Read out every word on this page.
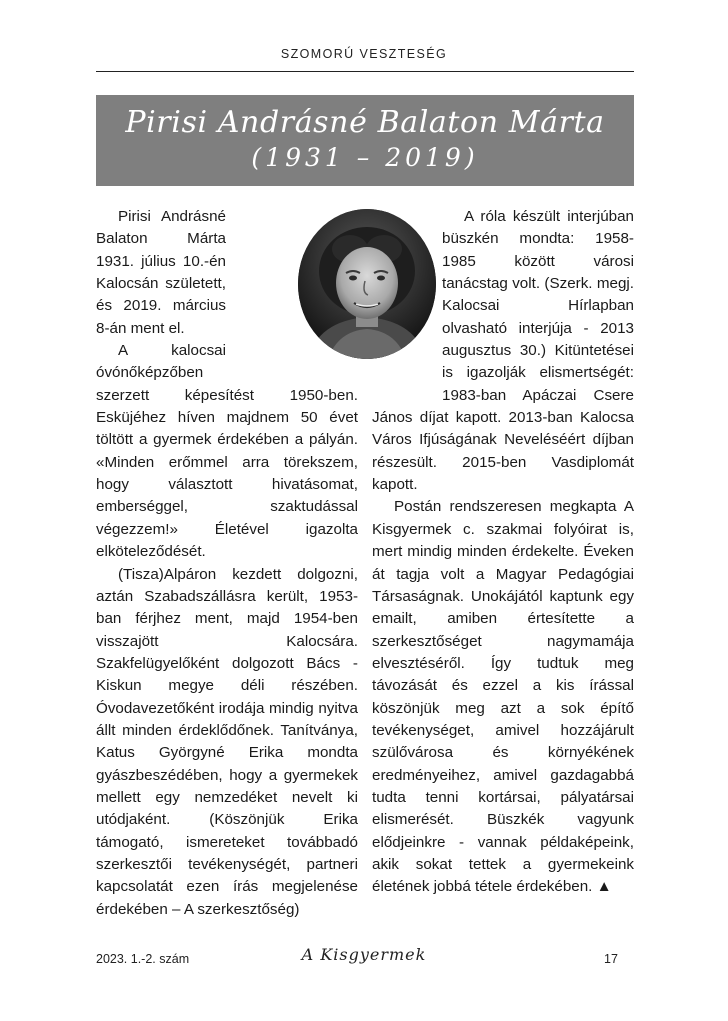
SZOMORÚ VESZTESÉG
Pirisi Andrásné Balaton Márta
(1931 – 2019)

Pirisi Andrásné Balaton Márta 1931. július 10.-én Kalocsán született, és 2019. március 8-án ment el.

A kalocsai óvónőképzőben szerzett képesítést 1950-ben. Esküjéhez híven majdnem 50 évet töltött a gyermek érdekében a pályán. «Minden erőmmel arra törekszem, hogy választott hivatásomat, emberséggel, szaktudással végezzem!» Életével igazolta elköteleződését.

(Tisza)Alpáron kezdett dolgozni, aztán Szabadszállásra került, 1953-ban férjhez ment, majd 1954-ben visszajött Kalocsára. Szakfelügyelőként dolgozott Bács - Kiskun megye déli részében. Óvodavezetőként irodája mindig nyitva állt minden érdeklődőnek. Tanítványa, Katus Györgyné Erika mondta gyászbeszédében, hogy a gyermekek mellett egy nemzedéket nevelt ki utódjaként. (Köszönjük Erika támogató, ismereteket továbbadó szerkesztői tevékenységét, partneri kapcsolatát ezen írás megjelenése érdekében – A szerkesztőség)

A róla készült interjúban büszkén mondta: 1958-1985 között városi tanácstag volt. (Szerk. megj. Kalocsai Hírlapban olvasható interjúja - 2013 augusztus 30.) Kitüntetései is igazolják elismertségét: 1983-ban Apáczai Csere János díjat kapott. 2013-ban Kalocsa Város Ifjúságának Neveléséért díjban részesült. 2015-ben Vasdiplomát kapott.

Postán rendszeresen megkapta A Kisgyermek c. szakmai folyóirat is, mert mindig minden érdekelte. Éveken át tagja volt a Magyar Pedagógiai Társaságnak. Unokájától kaptunk egy emailt, amiben értesítette a szerkesztőséget nagymamája elvesztéséről. Így tudtuk meg távozását és ezzel a kis írással köszönjük meg azt a sok építő tevékenységet, amivel hozzájárult szülővárosa és környékének eredményeihez, amivel gazdagabbá tudta tenni kortársai, pályatársai elismerését. Büszkék vagyunk elődjeinkre - vannak példaképeink, akik sokat tettek a gyermekeink életének jobbá tétele érdekében. ▲

2023. 1.-2. szám	A Kisgyermek	17
